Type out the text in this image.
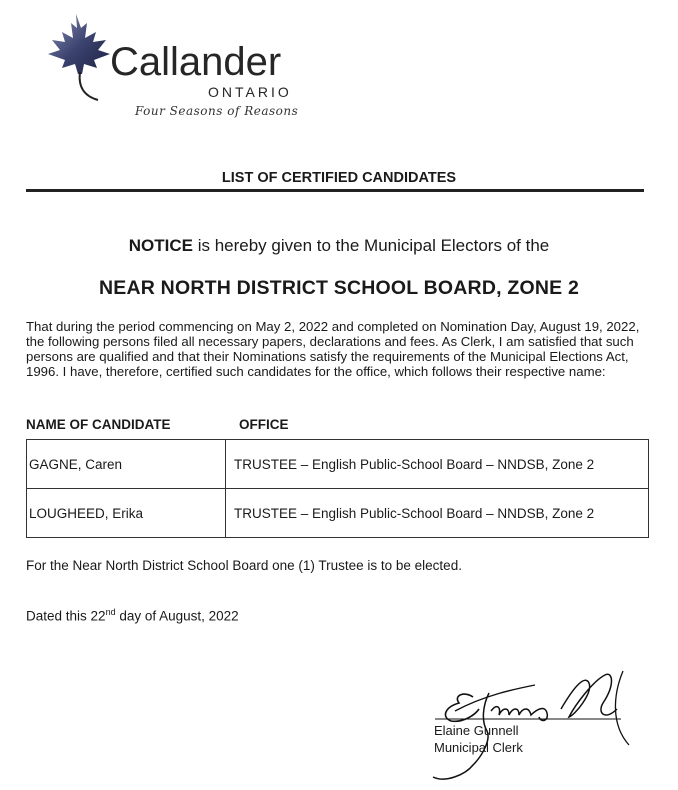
Callander
ONTARIO
Four Seasons of Reasons
LIST OF CERTIFIED CANDIDATES
NOTICE is hereby given to the Municipal Electors of the
NEAR NORTH DISTRICT SCHOOL BOARD, ZONE 2
That during the period commencing on May 2, 2022 and completed on Nomination Day, August 19, 2022, the following persons filed all necessary papers, declarations and fees. As Clerk, I am satisfied that such persons are qualified and that their Nominations satisfy the requirements of the Municipal Elections Act, 1996. I have, therefore, certified such candidates for the office, which follows their respective name:
NAME OF CANDIDATE	OFFICE
GAGNE, Caren	TRUSTEE – English Public-School Board – NNDSB, Zone 2
LOUGHEED, Erika	TRUSTEE – English Public-School Board – NNDSB, Zone 2
For the Near North District School Board one (1) Trustee is to be elected.
Dated this 22nd day of August, 2022
Elaine Gunnell
Municipal Clerk
